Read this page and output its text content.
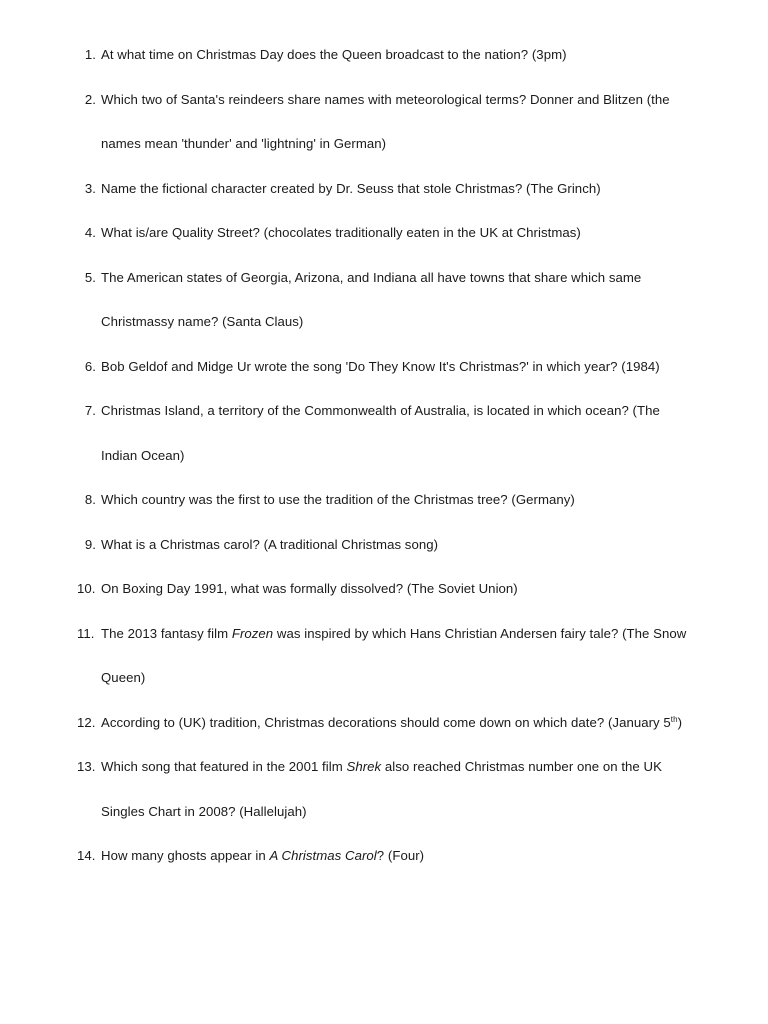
1. At what time on Christmas Day does the Queen broadcast to the nation? (3pm)
2. Which two of Santa's reindeers share names with meteorological terms? Donner and Blitzen (the
names mean 'thunder' and 'lightning' in German)
3. Name the fictional character created by Dr. Seuss that stole Christmas? (The Grinch)
4. What is/are Quality Street? (chocolates traditionally eaten in the UK at Christmas)
5. The American states of Georgia, Arizona, and Indiana all have towns that share which same
Christmassy name? (Santa Claus)
6. Bob Geldof and Midge Ur wrote the song 'Do They Know It's Christmas?' in which year? (1984)
7. Christmas Island, a territory of the Commonwealth of Australia, is located in which ocean? (The
Indian Ocean)
8. Which country was the first to use the tradition of the Christmas tree? (Germany)
9. What is a Christmas carol? (A traditional Christmas song)
10. On Boxing Day 1991, what was formally dissolved? (The Soviet Union)
11. The 2013 fantasy film Frozen was inspired by which Hans Christian Andersen fairy tale? (The Snow
Queen)
12. According to (UK) tradition, Christmas decorations should come down on which date? (January 5th)
13. Which song that featured in the 2001 film Shrek also reached Christmas number one on the UK
Singles Chart in 2008? (Hallelujah)
14. How many ghosts appear in A Christmas Carol? (Four)
